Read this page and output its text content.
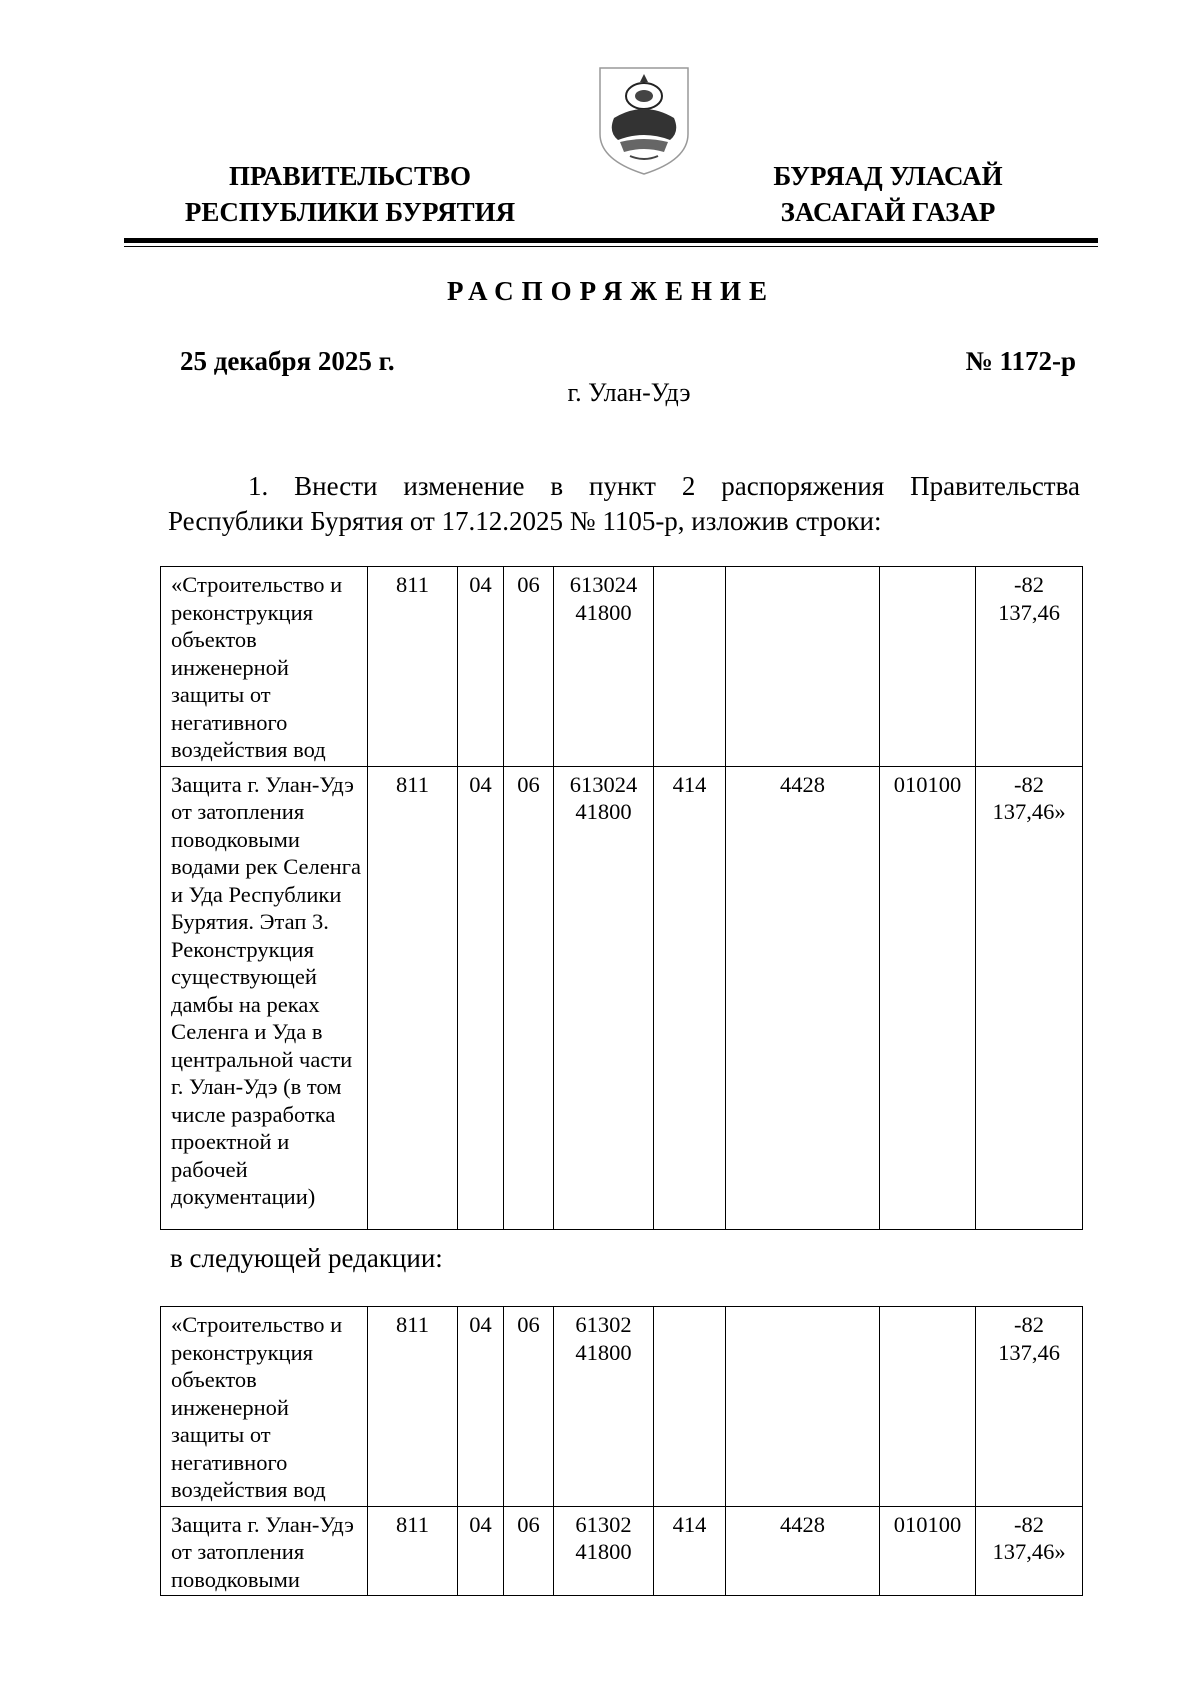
ПРАВИТЕЛЬСТВО
РЕСПУБЛИКИ БУРЯТИЯ
БУРЯАД УЛАСАЙ
ЗАСАГАЙ ГАЗАР
РАСПОРЯЖЕНИЕ
25 декабря 2025 г.	№ 1172-р
г. Улан-Удэ
1. Внести изменение в пункт 2 распоряжения Правительства Республики Бурятия от 17.12.2025 № 1105-р, изложив строки:
«Строительство и реконструкция объектов инженерной защиты от негативного воздействия вод	811	04	06	613024 41800				-82 137,46
Защита г. Улан-Удэ от затопления поводковыми водами рек Селенга и Уда Республики Бурятия. Этап 3. Реконструкция существующей дамбы на реках Селенга и Уда в центральной части г. Улан-Удэ (в том числе разработка проектной и рабочей документации)	811	04	06	613024 41800	414	4428	010100	-82 137,46»
в следующей редакции:
«Строительство и реконструкция объектов инженерной защиты от негативного воздействия вод	811	04	06	61302 41800				-82 137,46
Защита г. Улан-Удэ от затопления поводковыми	811	04	06	61302 41800	414	4428	010100	-82 137,46»
